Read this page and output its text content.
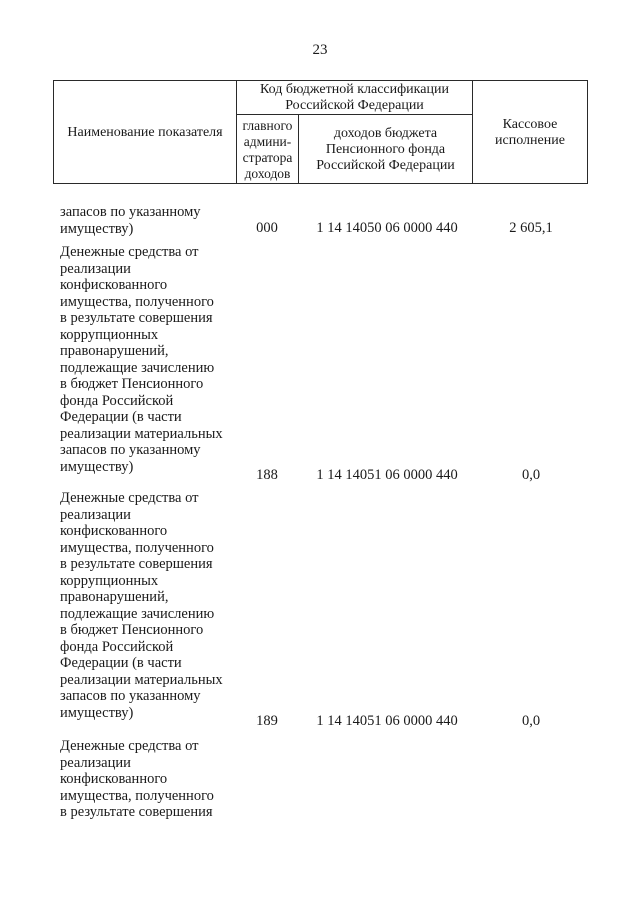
23
Наименование показателя
Код бюджетной классификации Российской Федерации
главного админи-стратора доходов
доходов бюджета Пенсионного фонда Российской Федерации
Кассовое исполнение
запасов по указанному
имуществу)	000	1 14 14050 06 0000 440	2 605,1
Денежные средства от
реализации
конфискованного
имущества, полученного
в результате совершения
коррупционных
правонарушений,
подлежащие зачислению
в бюджет Пенсионного
фонда Российской
Федерации (в части
реализации материальных
запасов по указанному
имуществу)
188	1 14 14051 06 0000 440	0,0
Денежные средства от
реализации
конфискованного
имущества, полученного
в результате совершения
коррупционных
правонарушений,
подлежащие зачислению
в бюджет Пенсионного
фонда Российской
Федерации (в части
реализации материальных
запасов по указанному
имуществу)
189	1 14 14051 06 0000 440	0,0
Денежные средства от
реализации
конфискованного
имущества, полученного
в результате совершения
